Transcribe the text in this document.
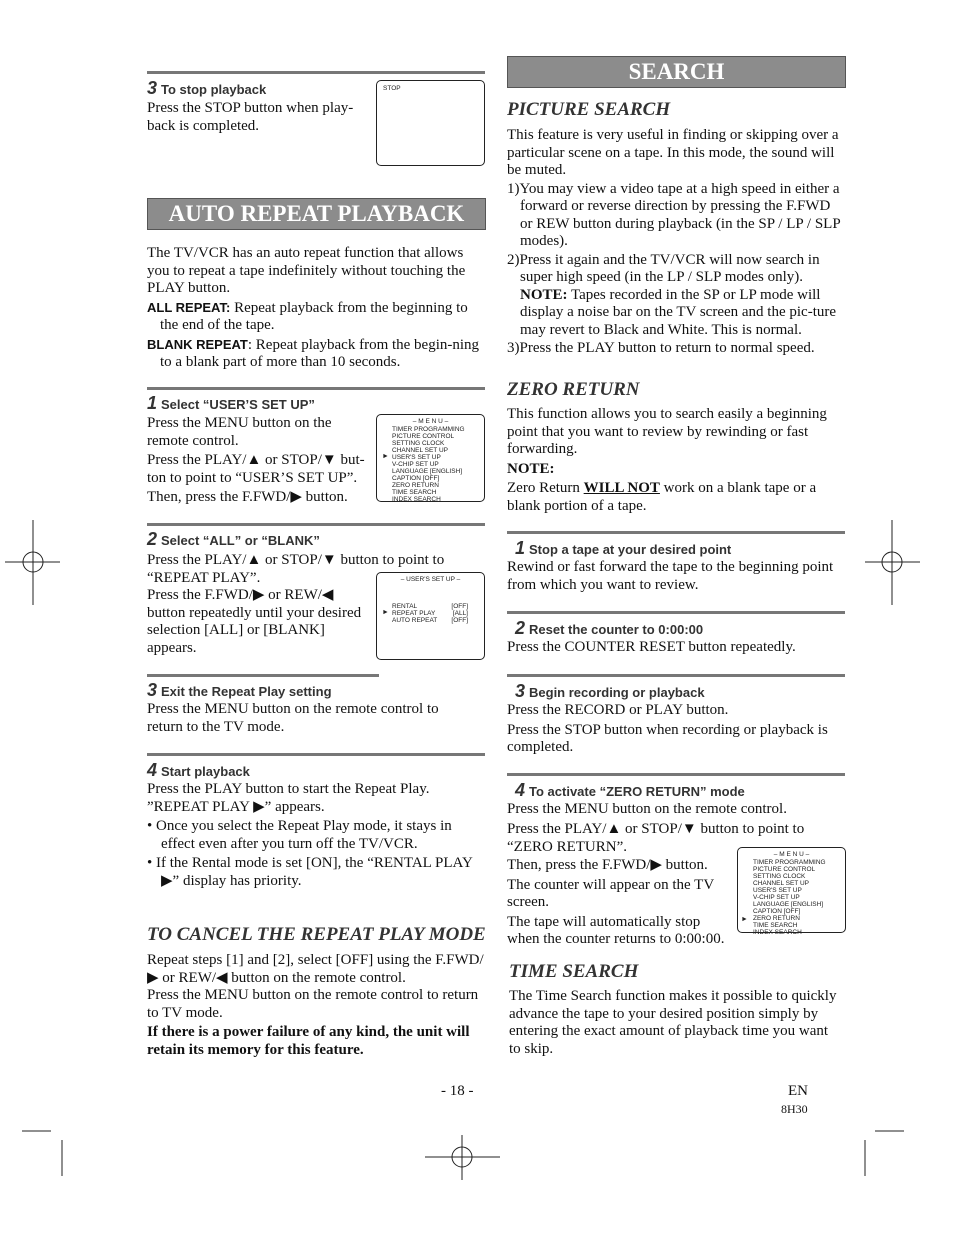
3 To stop playback

Press the STOP button when play-back is completed.

STOP
AUTO REPEAT PLAYBACK

The TV/VCR has an auto repeat function that allows you to repeat a tape indefinitely without touching the PLAY button.

ALL REPEAT: Repeat playback from the beginning to the end of the tape.

BLANK REPEAT: Repeat playback from the begin-ning to a blank part of more than 10 seconds.

1 Select “USER’S SET UP”

Press the MENU button on the remote control.

Press the PLAY/▲ or STOP/▼ but-ton to point to “USER’S SET UP”.

Then, press the F.FWD/▶ button.

– M E N U –
TIMER PROGRAMMING
PICTURE CONTROL
SETTING CLOCK
CHANNEL SET UP
USER'S SET UP
V-CHIP SET UP
LANGUAGE [ENGLISH]
CAPTION [OFF]
ZERO RETURN
TIME SEARCH
INDEX SEARCH
►
2 Select “ALL” or “BLANK”

Press the PLAY/▲ or STOP/▼ button to point to “REPEAT PLAY”.

Press the F.FWD/▶ or REW/◀ button repeatedly until your desired selection [ALL] or [BLANK] appears.

– USER'S SET UP –
RENTAL	[OFF]
REPEAT PLAY	[ALL]
AUTO REPEAT [OFF]
►
3 Exit the Repeat Play setting

Press the MENU button on the remote control to return to the TV mode.

4 Start playback

Press the PLAY button to start the Repeat Play. ”REPEAT PLAY ▶” appears.

• Once you select the Repeat Play mode, it stays in effect even after you turn off the TV/VCR.

• If the Rental mode is set [ON], the “RENTAL PLAY ▶” display has priority.

TO CANCEL THE REPEAT PLAY MODE

Repeat steps [1] and [2], select [OFF] using the F.FWD/▶ or REW/◀ button on the remote control.

Press the MENU button on the remote control to return to TV mode.

If there is a power failure of any kind, the unit will retain its memory for this feature.

SEARCH
PICTURE SEARCH

This feature is very useful in finding or skipping over a particular scene on a tape. In this mode, the sound will be muted.

1)You may view a video tape at a high speed in either a forward or reverse direction by pressing the F.FWD or REW button during playback (in the SP / LP / SLP modes).

2)Press it again and the TV/VCR will now search in super high speed (in the LP / SLP modes only).

NOTE: Tapes recorded in the SP or LP mode will display a noise bar on the TV screen and the pic-ture may revert to Black and White. This is normal.

3)Press the PLAY button to return to normal speed.

ZERO RETURN

This function allows you to search easily a beginning point that you want to review by rewinding or fast forwarding.

NOTE:

Zero Return WILL NOT work on a blank tape or a blank portion of a tape.

1 Stop a tape at your desired point

Rewind or fast forward the tape to the beginning point from which you want to review.

2 Reset the counter to 0:00:00

Press the COUNTER RESET button repeatedly.

3 Begin recording or playback

Press the RECORD or PLAY button.

Press the STOP button when recording or playback is completed.

4 To activate “ZERO RETURN” mode

Press the MENU button on the remote control.

Press the PLAY/▲ or STOP/▼ button to point to “ZERO RETURN”.

Then, press the F.FWD/▶ button.

The counter will appear on the TV screen.

The tape will automatically stop when the counter returns to 0:00:00.

– M E N U –
TIMER PROGRAMMING
PICTURE CONTROL
SETTING CLOCK
CHANNEL SET UP
USER'S SET UP
V-CHIP SET UP
LANGUAGE [ENGLISH]
CAPTION [OFF]
ZERO RETURN
TIME SEARCH
INDEX SEARCH
►
TIME SEARCH

The Time Search function makes it possible to quickly advance the tape to your desired position simply by entering the exact amount of playback time you want to skip.

- 18 -	EN
8H30
